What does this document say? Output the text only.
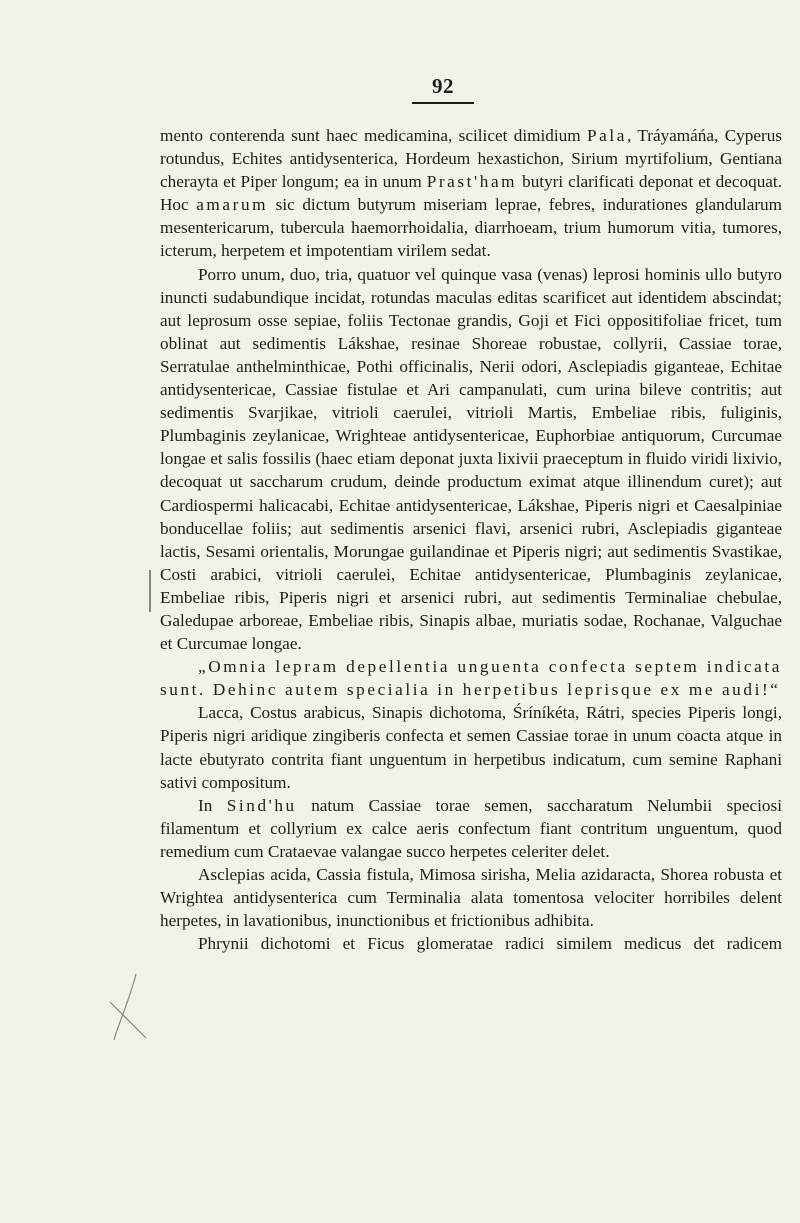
92

mento conterenda sunt haec medicamina, scilicet dimidium Pala, Tráyamáńa, Cyperus rotundus, Echites antidysenterica, Hordeum hexastichon, Sirium myrtifolium, Gentiana cherayta et Piper longum; ea in unum Prast'ham butyri clarificati deponat et decoquat. Hoc amarum sic dictum butyrum miseriam leprae, febres, indurationes glandularum mesentericarum, tubercula haemorrhoidalia, diarrhoeam, trium humorum vitia, tumores, icterum, herpetem et impotentiam virilem sedat.

Porro unum, duo, tria, quatuor vel quinque vasa (venas) leprosi hominis ullo butyro inuncti sudabundique incidat, rotundas maculas editas scarificet aut identidem abscindat; aut leprosum osse sepiae, foliis Tectonae grandis, Goji et Fici oppositifoliae fricet, tum oblinat aut sedimentis Lákshae, resinae Shoreae robustae, collyrii, Cassiae torae, Serratulae anthelminthicae, Pothi officinalis, Nerii odori, Asclepiadis giganteae, Echitae antidysentericae, Cassiae fistulae et Ari campanulati, cum urina bileve contritis; aut sedimentis Svarjikae, vitrioli caerulei, vitrioli Martis, Embeliae ribis, fuliginis, Plumbaginis zeylanicae, Wrighteae antidysentericae, Euphorbiae antiquorum, Curcumae longae et salis fossilis (haec etiam deponat juxta lixivii praeceptum in fluido viridi lixivio, decoquat ut saccharum crudum, deinde productum eximat atque illinendum curet); aut Cardiospermi halicacabi, Echitae antidysentericae, Lákshae, Piperis nigri et Caesalpiniae bonducellae foliis; aut sedimentis arsenici flavi, arsenici rubri, Asclepiadis giganteae lactis, Sesami orientalis, Morungae guilandinae et Piperis nigri; aut sedimentis Svastikae, Costi arabici, vitrioli caerulei, Echitae antidysentericae, Plumbaginis zeylanicae, Embeliae ribis, Piperis nigri et arsenici rubri, aut sedimentis Terminaliae chebulae, Galedupae arboreae, Embeliae ribis, Sinapis albae, muriatis sodae, Rochanae, Valguchae et Curcumae longae.

„Omnia lepram depellentia unguenta confecta septem indicata sunt. Dehinc autem specialia in herpetibus leprisque ex me audi!“

Lacca, Costus arabicus, Sinapis dichotoma, Śríníkéta, Rátri, species Piperis longi, Piperis nigri aridique zingiberis confecta et semen Cassiae torae in unum coacta atque in lacte ebutyrato contrita fiant unguentum in herpetibus indicatum, cum semine Raphani sativi compositum.

In Sind'hu natum Cassiae torae semen, saccharatum Nelumbii speciosi filamentum et collyrium ex calce aeris confectum fiant contritum unguentum, quod remedium cum Crataevae valangae succo herpetes celeriter delet.

Asclepias acida, Cassia fistula, Mimosa sirisha, Melia azidaracta, Shorea robusta et Wrightea antidysenterica cum Terminalia alata tomentosa velociter horribiles delent herpetes, in lavationibus, inunctionibus et frictionibus adhibita.

Phrynii dichotomi et Ficus glomeratae radici similem medicus det radicem
